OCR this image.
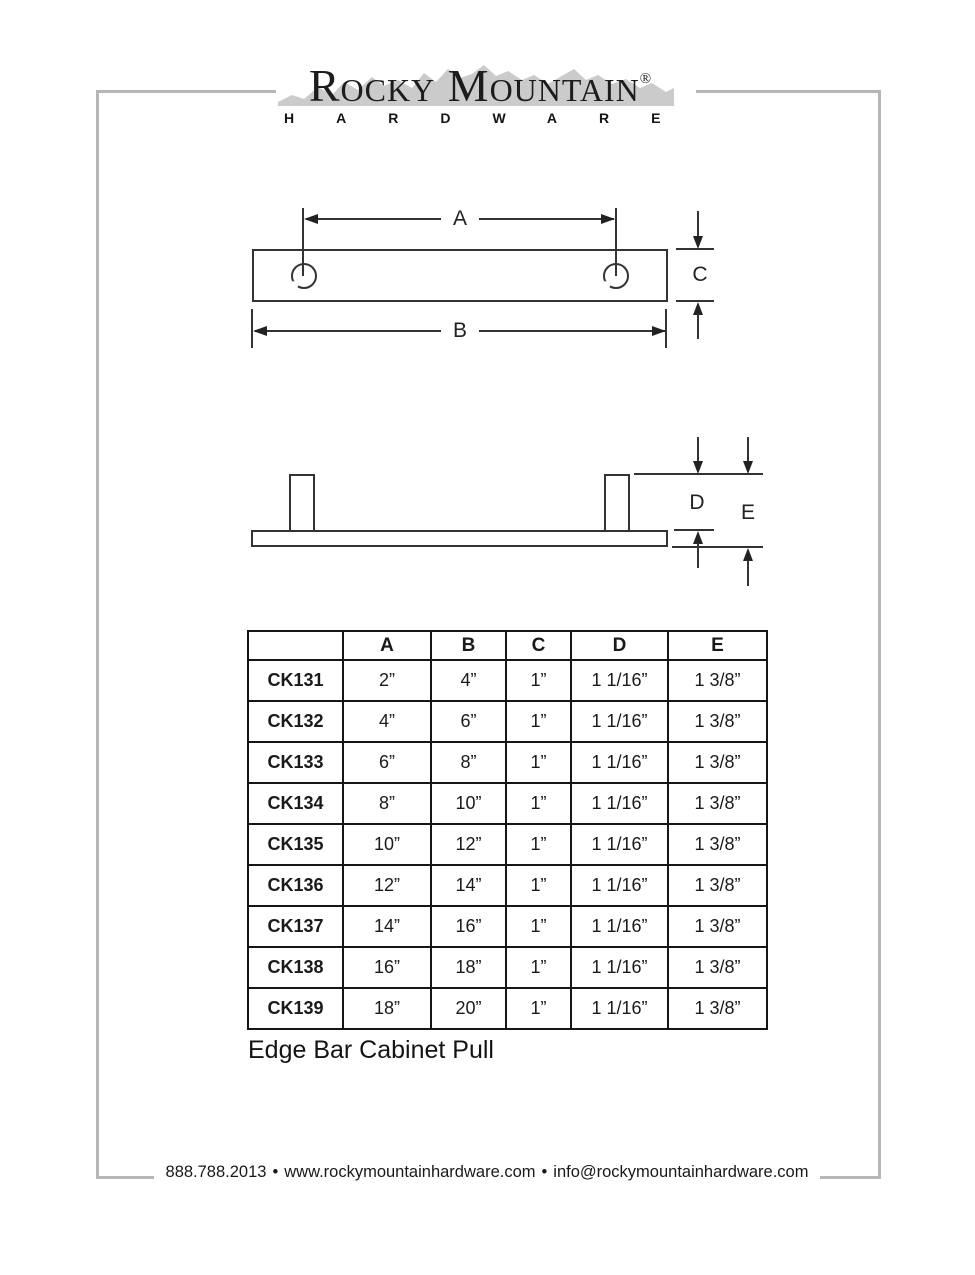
Rocky Mountain®
HARDWARE
A
B
C
D	E
	A	B	C	D	E
CK131	2”	4”	1”	1 1/16”	1 3/8”
CK132	4”	6”	1”	1 1/16”	1 3/8”
CK133	6”	8”	1”	1 1/16”	1 3/8”
CK134	8”	10”	1”	1 1/16”	1 3/8”
CK135	10”	12”	1”	1 1/16”	1 3/8”
CK136	12”	14”	1”	1 1/16”	1 3/8”
CK137	14”	16”	1”	1 1/16”	1 3/8”
CK138	16”	18”	1”	1 1/16”	1 3/8”
CK139	18”	20”	1”	1 1/16”	1 3/8”
Edge Bar Cabinet Pull
888.788.2013 • www.rockymountainhardware.com • info@rockymountainhardware.com
